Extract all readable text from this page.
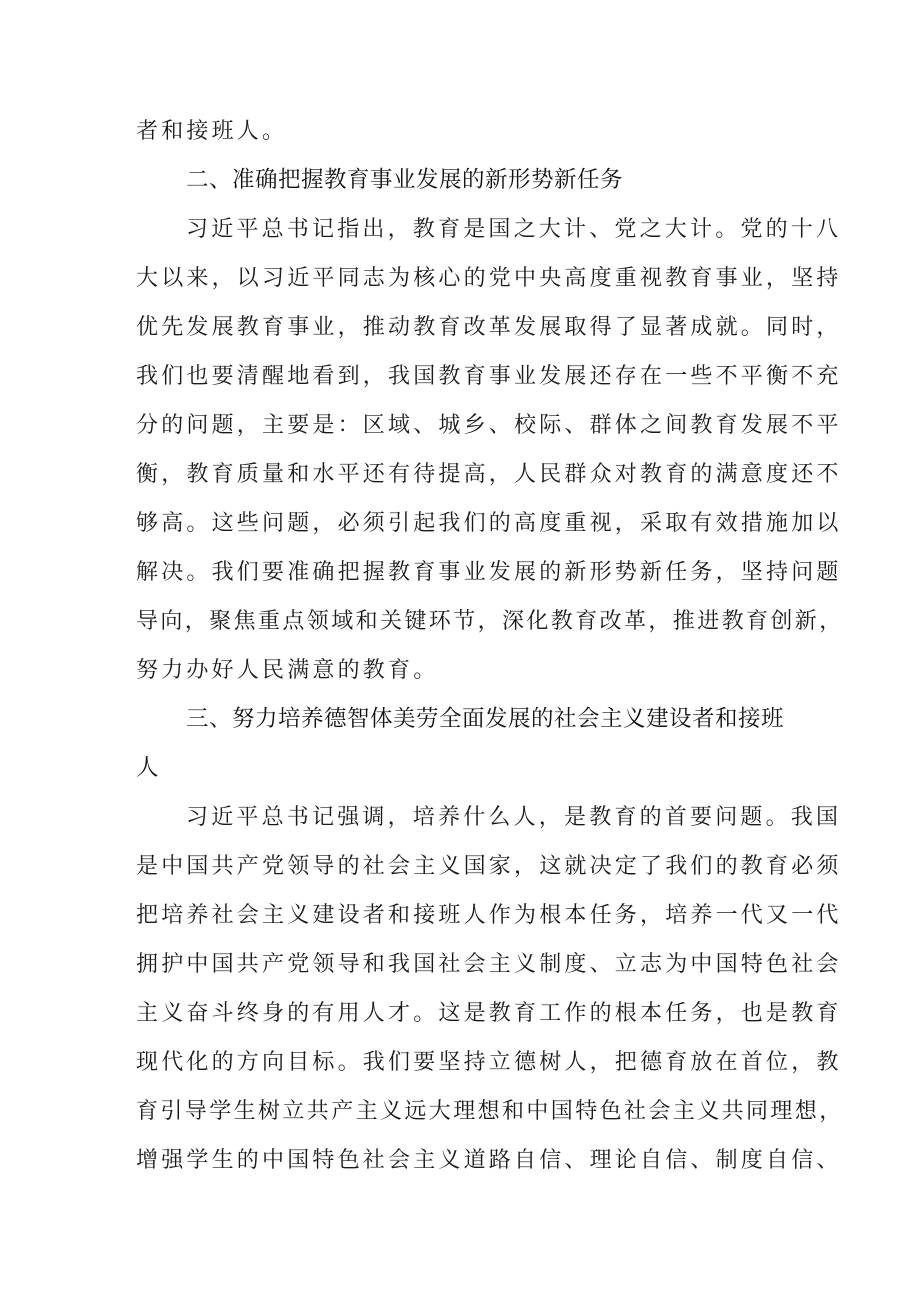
者和接班人。
二、准确把握教育事业发展的新形势新任务
习近平总书记指出，教育是国之大计、党之大计。党的十八
大以来，以习近平同志为核心的党中央高度重视教育事业，坚持
优先发展教育事业，推动教育改革发展取得了显著成就。同时，
我们也要清醒地看到，我国教育事业发展还存在一些不平衡不充
分的问题，主要是：区域、城乡、校际、群体之间教育发展不平
衡，教育质量和水平还有待提高，人民群众对教育的满意度还不
够高。这些问题，必须引起我们的高度重视，采取有效措施加以
解决。我们要准确把握教育事业发展的新形势新任务，坚持问题
导向，聚焦重点领域和关键环节，深化教育改革，推进教育创新，
努力办好人民满意的教育。
三、努力培养德智体美劳全面发展的社会主义建设者和接班
人
习近平总书记强调，培养什么人，是教育的首要问题。我国
是中国共产党领导的社会主义国家，这就决定了我们的教育必须
把培养社会主义建设者和接班人作为根本任务，培养一代又一代
拥护中国共产党领导和我国社会主义制度、立志为中国特色社会
主义奋斗终身的有用人才。这是教育工作的根本任务，也是教育
现代化的方向目标。我们要坚持立德树人，把德育放在首位，教
育引导学生树立共产主义远大理想和中国特色社会主义共同理想，
增强学生的中国特色社会主义道路自信、理论自信、制度自信、
